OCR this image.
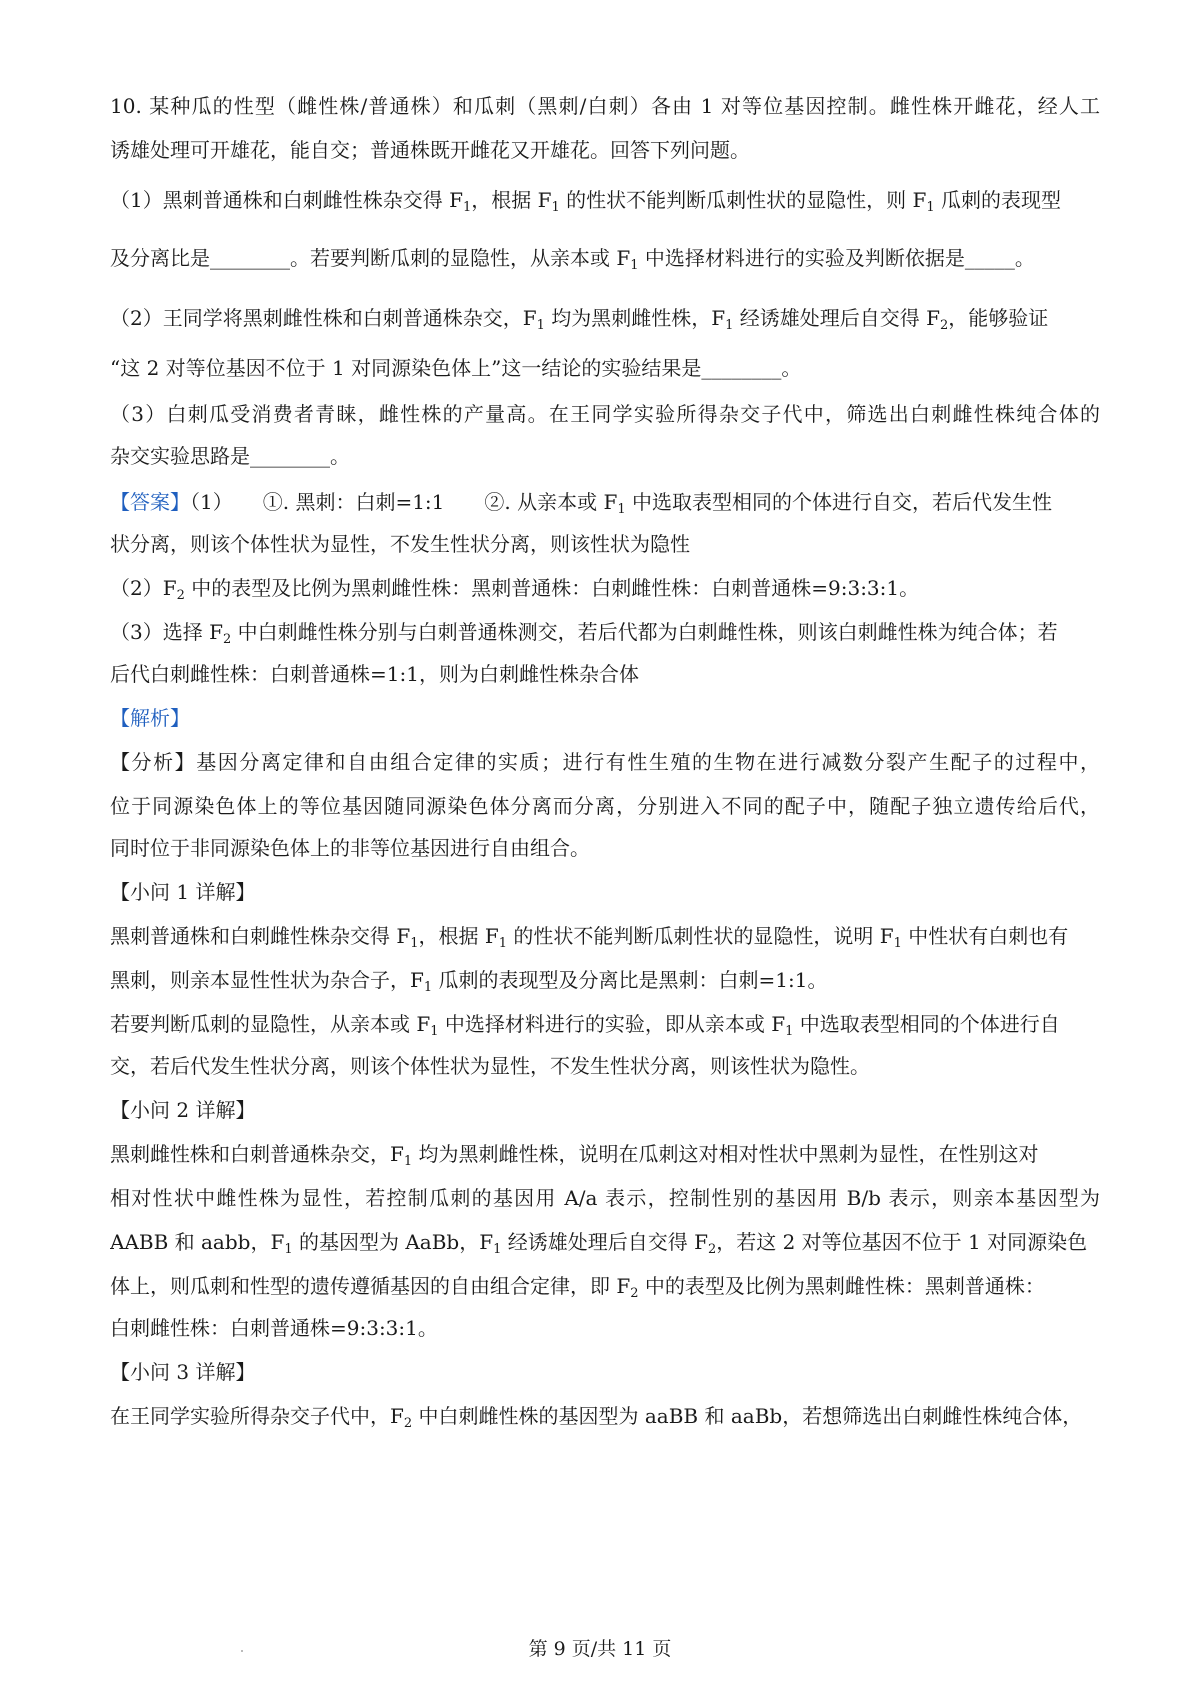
10. 某种瓜的性型（雌性株/普通株）和瓜刺（黑刺/白刺）各由 1 对等位基因控制。雌性株开雌花，经人工
诱雄处理可开雄花，能自交；普通株既开雌花又开雄花。回答下列问题。
（1）黑刺普通株和白刺雌性株杂交得 $F_1$，根据 $F_1$ 的性状不能判断瓜刺性状的显隐性，则 $F_1$ 瓜刺的表现型
及分离比是________。若要判断瓜刺的显隐性，从亲本或 $F_1$ 中选择材料进行的实验及判断依据是_____。
（2）王同学将黑刺雌性株和白刺普通株杂交，$F_1$ 均为黑刺雌性株，$F_1$ 经诱雄处理后自交得 $F_2$，能够验证
“这 2 对等位基因不位于 1 对同源染色体上”这一结论的实验结果是________。
（3）白刺瓜受消费者青睐，雌性株的产量高。在王同学实验所得杂交子代中，筛选出白刺雌性株纯合体的
杂交实验思路是________。
【答案】（1）　　①. 黑刺：白刺=1:1　　②. 从亲本或 $F_1$ 中选取表型相同的个体进行自交，若后代发生性
状分离，则该个体性状为显性，不发生性状分离，则该性状为隐性
$(2)F_2$ 中的表型及比例为黑刺雌性株：黑刺普通株：白刺雌性株：白刺普通株=9:3:3:1。
（3）选择 $F_2$ 中白刺雌性株分别与白刺普通株测交，若后代都为白刺雌性株，则该白刺雌性株为纯合体；若
后代白刺雌性株：白刺普通株=1:1，则为白刺雌性株杂合体
【解析】
【分析】基因分离定律和自由组合定律的实质；进行有性生殖的生物在进行减数分裂产生配子的过程中，
位于同源染色体上的等位基因随同源染色体分离而分离，分别进入不同的配子中，随配子独立遗传给后代，
同时位于非同源染色体上的非等位基因进行自由组合。
【小问 1 详解】
黑刺普通株和白刺雌性株杂交得 $F_1$，根据 $F_1$ 的性状不能判断瓜刺性状的显隐性，说明 $F_1$ 中性状有白刺也有
黑刺，则亲本显性性状为杂合子，$F_1$ 瓜刺的表现型及分离比是黑刺：白刺=1:1。
若要判断瓜刺的显隐性，从亲本或 $F_1$ 中选择材料进行的实验，即从亲本或 $F_1$ 中选取表型相同的个体进行自
交，若后代发生性状分离，则该个体性状为显性，不发生性状分离，则该性状为隐性。
【小问 2 详解】
黑刺雌性株和白刺普通株杂交，$F_1$ 均为黑刺雌性株，说明在瓜刺这对相对性状中黑刺为显性，在性别这对
相对性状中雌性株为显性，若控制瓜刺的基因用 A/a 表示，控制性别的基因用 B/b 表示，则亲本基因型为
AABB 和 aabb，$F_1$ 的基因型为 AaBb，$F_1$ 经诱雄处理后自交得 $F_2$，若这 2 对等位基因不位于 1 对同源染色
体上，则瓜刺和性型的遗传遵循基因的自由组合定律，即 $F_2$ 中的表型及比例为黑刺雌性株：黑刺普通株：
白刺雌性株：白刺普通株=9:3:3:1。
【小问 3 详解】
在王同学实验所得杂交子代中，$F_2$ 中白刺雌性株的基因型为 aaBB 和 aaBb，若想筛选出白刺雌性株纯合体，
第 9 页/共 11 页
